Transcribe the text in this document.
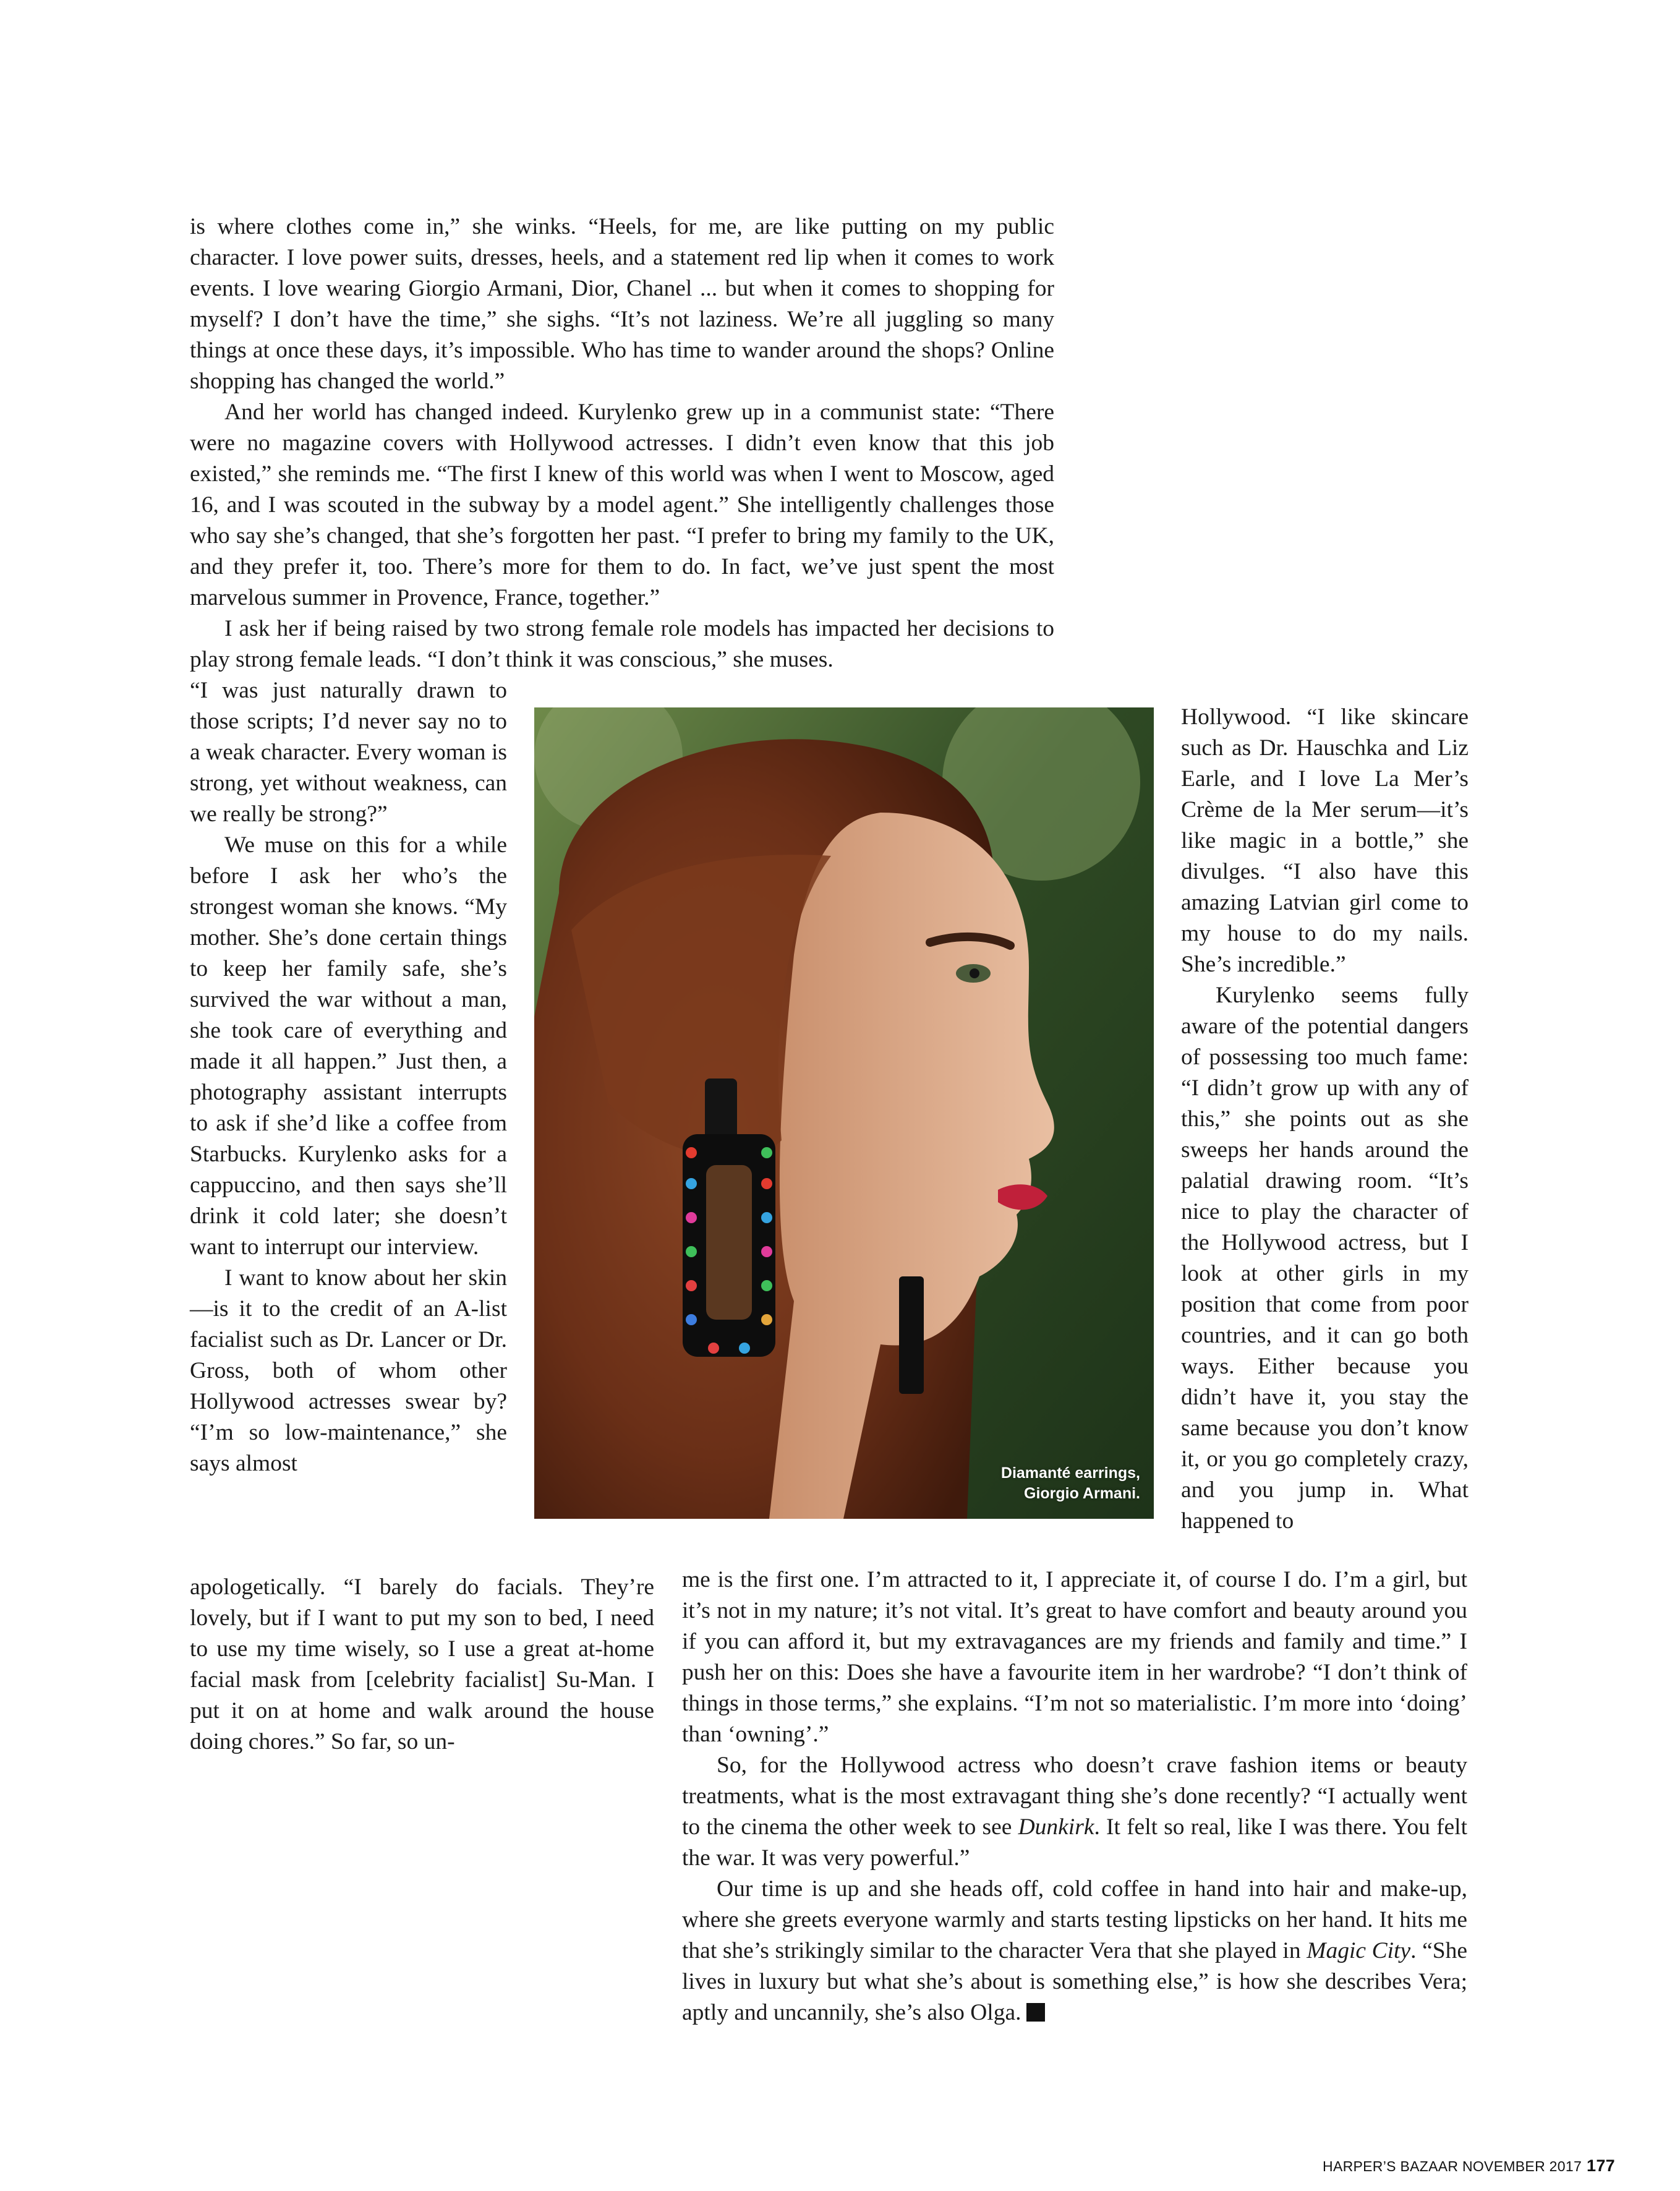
is where clothes come in,” she winks. “Heels, for me, are like putting on my public character. I love power suits, dresses, heels, and a statement red lip when it comes to work events. I love wearing Giorgio Armani, Dior, Chanel ... but when it comes to shopping for myself? I don’t have the time,” she sighs. “It’s not laziness. We’re all juggling so many things at once these days, it’s impossible. Who has time to wander around the shops? Online shopping has changed the world.”

And her world has changed indeed. Kurylenko grew up in a communist state: “There were no magazine covers with Hollywood actresses. I didn’t even know that this job existed,” she reminds me. “The first I knew of this world was when I went to Moscow, aged 16, and I was scouted in the subway by a model agent.” She intelligently challenges those who say she’s changed, that she’s forgotten her past. “I prefer to bring my family to the UK, and they prefer it, too. There’s more for them to do. In fact, we’ve just spent the most marvelous summer in Provence, France, together.”

I ask her if being raised by two strong female role models has impacted her decisions to play strong female leads. “I don’t think it was conscious,” she muses.

“I was just naturally drawn to those scripts; I’d never say no to a weak character. Every woman is strong, yet without weakness, can we really be strong?”

We muse on this for a while before I ask her who’s the strongest woman she knows. “My mother. She’s done certain things to keep her family safe, she’s survived the war without a man, she took care of everything and made it all happen.” Just then, a photography assistant interrupts to ask if she’d like a coffee from Starbucks. Kurylenko asks for a cappuccino, and then says she’ll drink it cold later; she doesn’t want to interrupt our interview.

I want to know about her skin—is it to the credit of an A-list facialist such as Dr. Lancer or Dr. Gross, both of whom other Hollywood actresses swear by? “I’m so low-maintenance,” she says almost	Diamanté earrings,
Giorgio Armani.

Hollywood. “I like skincare such as Dr. Hauschka and Liz Earle, and I love La Mer’s Crème de la Mer serum—it’s like magic in a bottle,” she divulges. “I also have this amazing Latvian girl come to my house to do my nails. She’s incredible.”

Kurylenko seems fully aware of the potential dangers of possessing too much fame: “I didn’t grow up with any of this,” she points out as she sweeps her hands around the palatial drawing room. “It’s nice to play the character of the Hollywood actress, but I look at other girls in my position that come from poor countries, and it can go both ways. Either because you didn’t have it, you stay the same because you don’t know it, or you go completely crazy, and you jump in. What happened to

apologetically. “I barely do facials. They’re lovely, but if I want to put my son to bed, I need to use my time wisely, so I use a great at-home facial mask from [celebrity facialist] Su-Man. I put it on at home and walk around the house doing chores.” So far, so un-

me is the first one. I’m attracted to it, I appreciate it, of course I do. I’m a girl, but it’s not in my nature; it’s not vital. It’s great to have comfort and beauty around you if you can afford it, but my extravagances are my friends and family and time.” I push her on this: Does she have a favourite item in her wardrobe? “I don’t think of things in those terms,” she explains. “I’m not so materialistic. I’m more into ‘doing’ than ‘owning’.”

So, for the Hollywood actress who doesn’t crave fashion items or beauty treatments, what is the most extravagant thing she’s done recently? “I actually went to the cinema the other week to see Dunkirk. It felt so real, like I was there. You felt the war. It was very powerful.”

Our time is up and she heads off, cold coffee in hand into hair and make-up, where she greets everyone warmly and starts testing lipsticks on her hand. It hits me that she’s strikingly similar to the character Vera that she played in Magic City. “She lives in luxury but what she’s about is something else,” is how she describes Vera; aptly and uncannily, she’s also Olga.

HARPER’S BAZAAR NOVEMBER 2017 177
